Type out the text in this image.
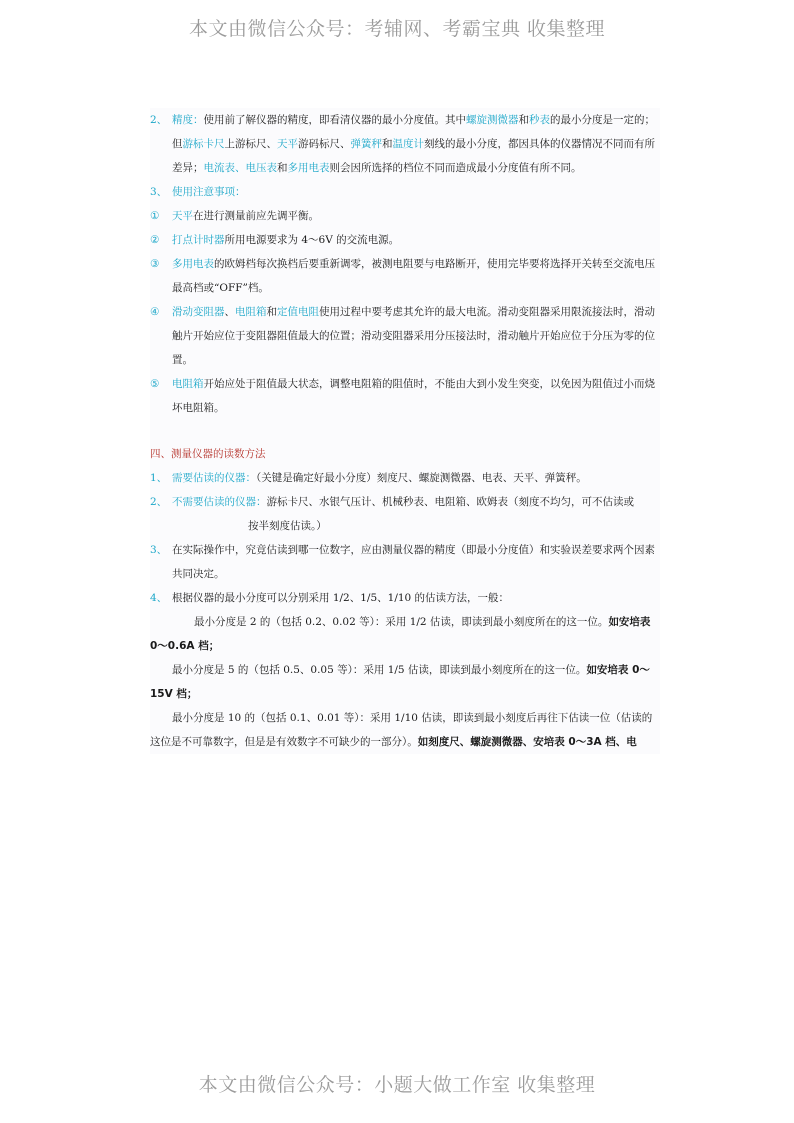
本文由微信公众号：考辅网、考霸宝典 收集整理
2、 精度：使用前了解仪器的精度，即看清仪器的最小分度值。其中螺旋测微器和秒表的最小分度是一定的；但游标卡尺上游标尺、天平游码标尺、弹簧秤和温度计刻线的最小分度，都因具体的仪器情况不同而有所差异；电流表、电压表和多用电表则会因所选择的档位不同而造成最小分度值有所不同。
3、 使用注意事项：
①	天平在进行测量前应先调平衡。
②	打点计时器所用电源要求为 4～6V 的交流电源。
③	多用电表的欧姆档每次换档后要重新调零，被测电阻要与电路断开，使用完毕要将选择开关转至交流电压最高档或“OFF”档。
④	滑动变阻器、电阻箱和定值电阻使用过程中要考虑其允许的最大电流。滑动变阻器采用限流接法时，滑动触片开始应位于变阻器阻值最大的位置；滑动变阻器采用分压接法时，滑动触片开始应位于分压为零的位置。
⑤	电阻箱开始应处于阻值最大状态，调整电阻箱的阻值时，不能由大到小发生突变，以免因为阻值过小而烧坏电阻箱。
四、测量仪器的读数方法
1、 需要估读的仪器：（关键是确定好最小分度）刻度尺、螺旋测微器、电表、天平、弹簧秤。
2、 不需要估读的仪器：游标卡尺、水银气压计、机械秒表、电阻箱、欧姆表（刻度不均匀，可不估读或
按半刻度估读。）
3、 在实际操作中，究竟估读到哪一位数字，应由测量仪器的精度（即最小分度值）和实验误差要求两个因素共同决定。
4、 根据仪器的最小分度可以分别采用 1/2、1/5、1/10 的估读方法，一般：
最小分度是 2 的（包括 0.2、0.02 等）：采用 1/2 估读，即读到最小刻度所在的这一位。如安培表 0～0.6A 档；
最小分度是 5 的（包括 0.5、0.05 等）：采用 1/5 估读，即读到最小刻度所在的这一位。如安培表 0～15V 档；
最小分度是 10 的（包括 0.1、0.01 等）：采用 1/10 估读，即读到最小刻度后再往下估读一位（估读的这位是不可靠数字，但是是有效数字不可缺少的一部分）。如刻度尺、螺旋测微器、安培表 0～3A 档、电
本文由微信公众号：小题大做工作室 收集整理
